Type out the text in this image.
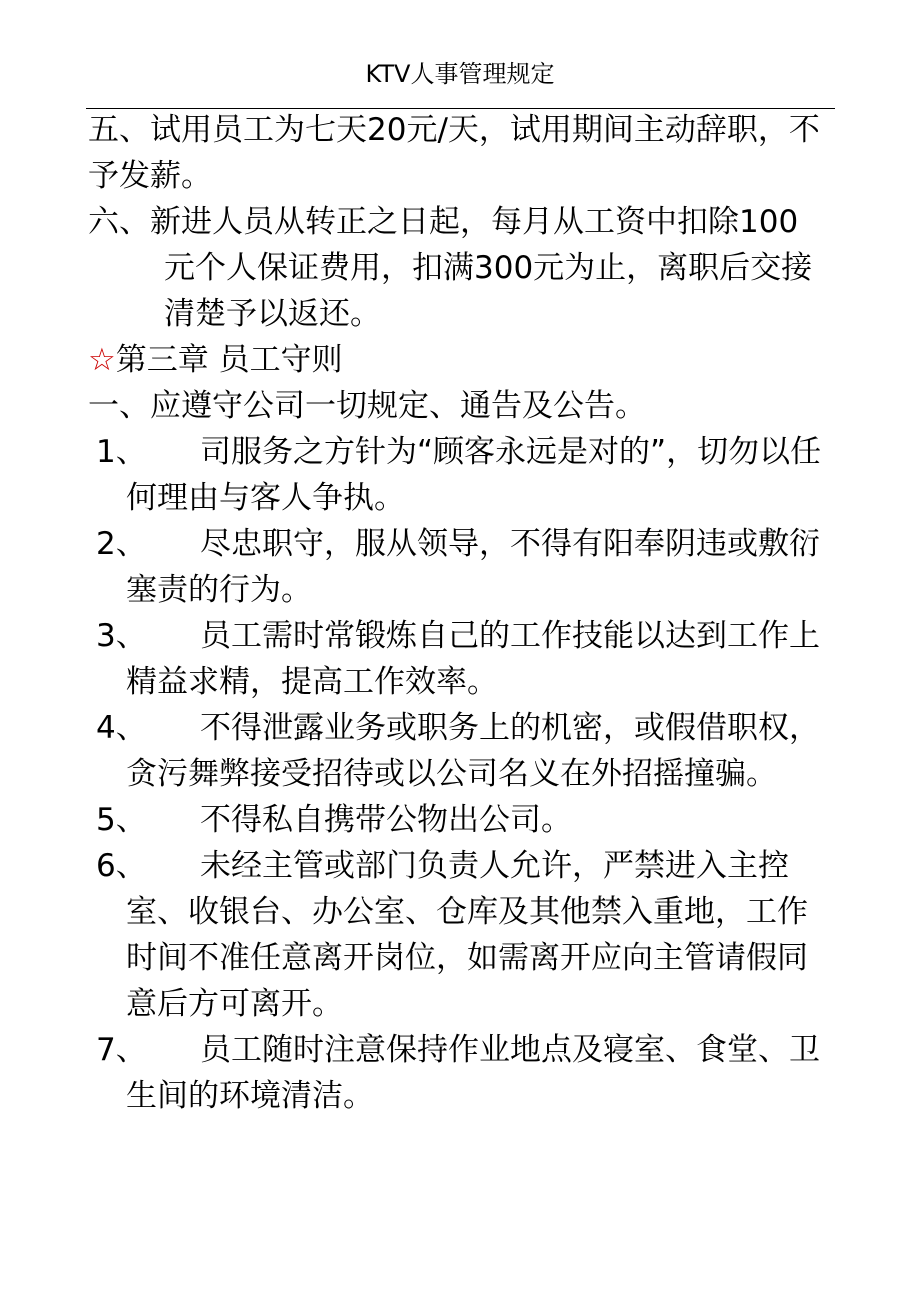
KTV人事管理规定

五、试用员工为七天20元/天，试用期间主动辞职，不予发薪。

六、新进人员从转正之日起，每月从工资中扣除100元个人保证费用，扣满300元为止，离职后交接清楚予以返还。

☆第三章 员工守则

一、应遵守公司一切规定、通告及公告。

1、	司服务之方针为“顾客永远是对的”，切勿以任何理由与客人争执。
2、	尽忠职守，服从领导，不得有阳奉阴违或敷衍塞责的行为。
3、	员工需时常锻炼自己的工作技能以达到工作上精益求精，提高工作效率。
4、	不得泄露业务或职务上的机密，或假借职权，贪污舞弊接受招待或以公司名义在外招摇撞骗。
5、	不得私自携带公物出公司。
6、	未经主管或部门负责人允许，严禁进入主控室、收银台、办公室、仓库及其他禁入重地，工作时间不准任意离开岗位，如需离开应向主管请假同意后方可离开。
7、	员工随时注意保持作业地点及寝室、食堂、卫生间的环境清洁。
